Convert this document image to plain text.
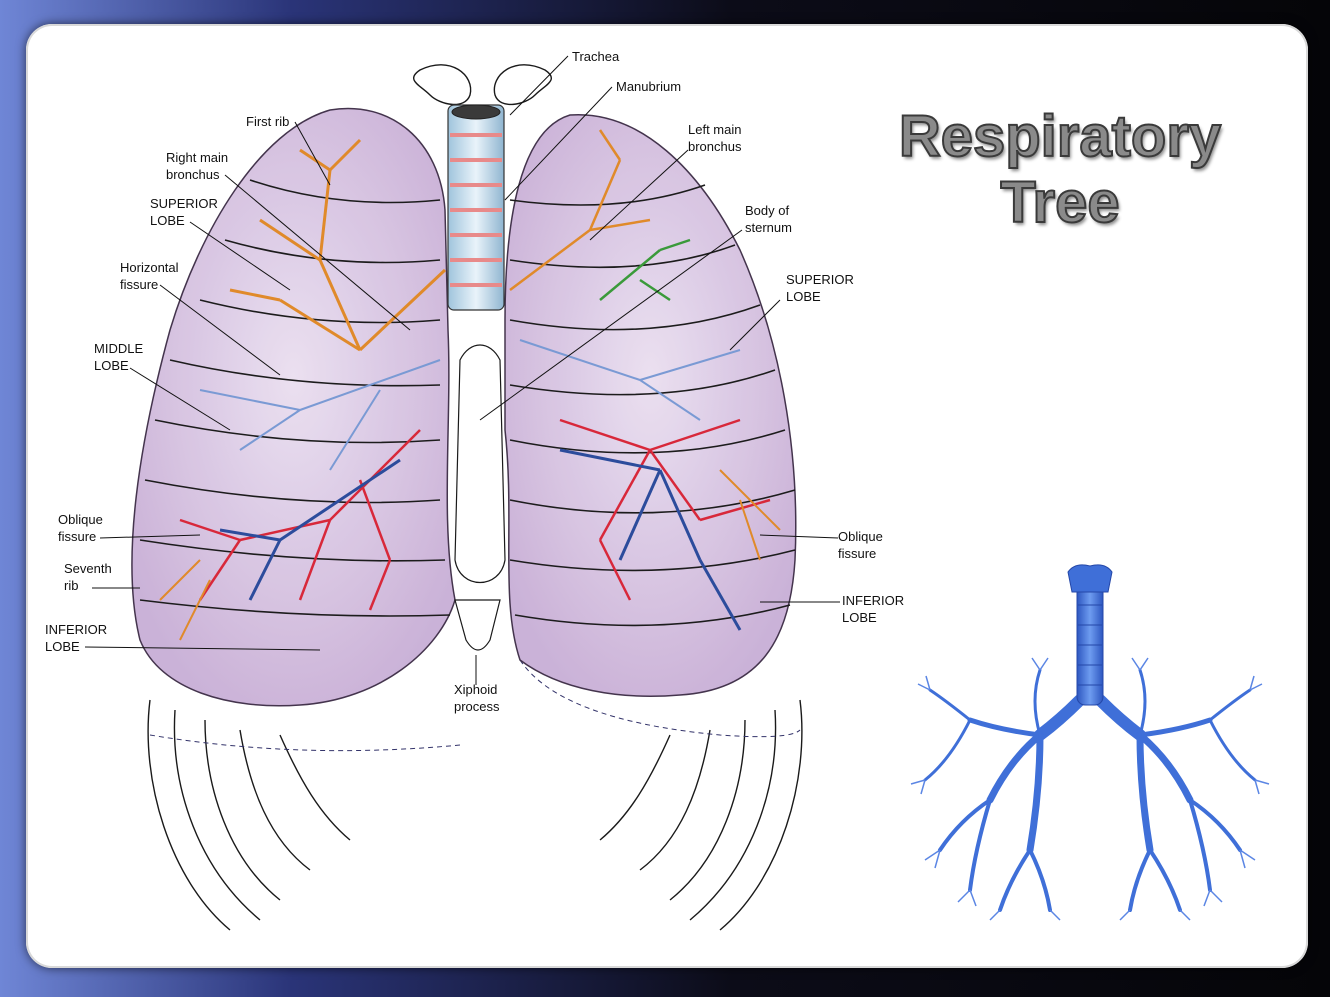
Trachea
Manubrium
First rib
Left main
bronchus
Right main
bronchus
Body of
sternum
SUPERIOR
LOBE
Horizontal
fissure	SUPERIOR
LOBE
MIDDLE
LOBE
Oblique
fissure	Oblique
fissure
Seventh
rib
INFERIOR
LOBE
INFERIOR
LOBE
Xiphoid
process
Respiratory
Tree
